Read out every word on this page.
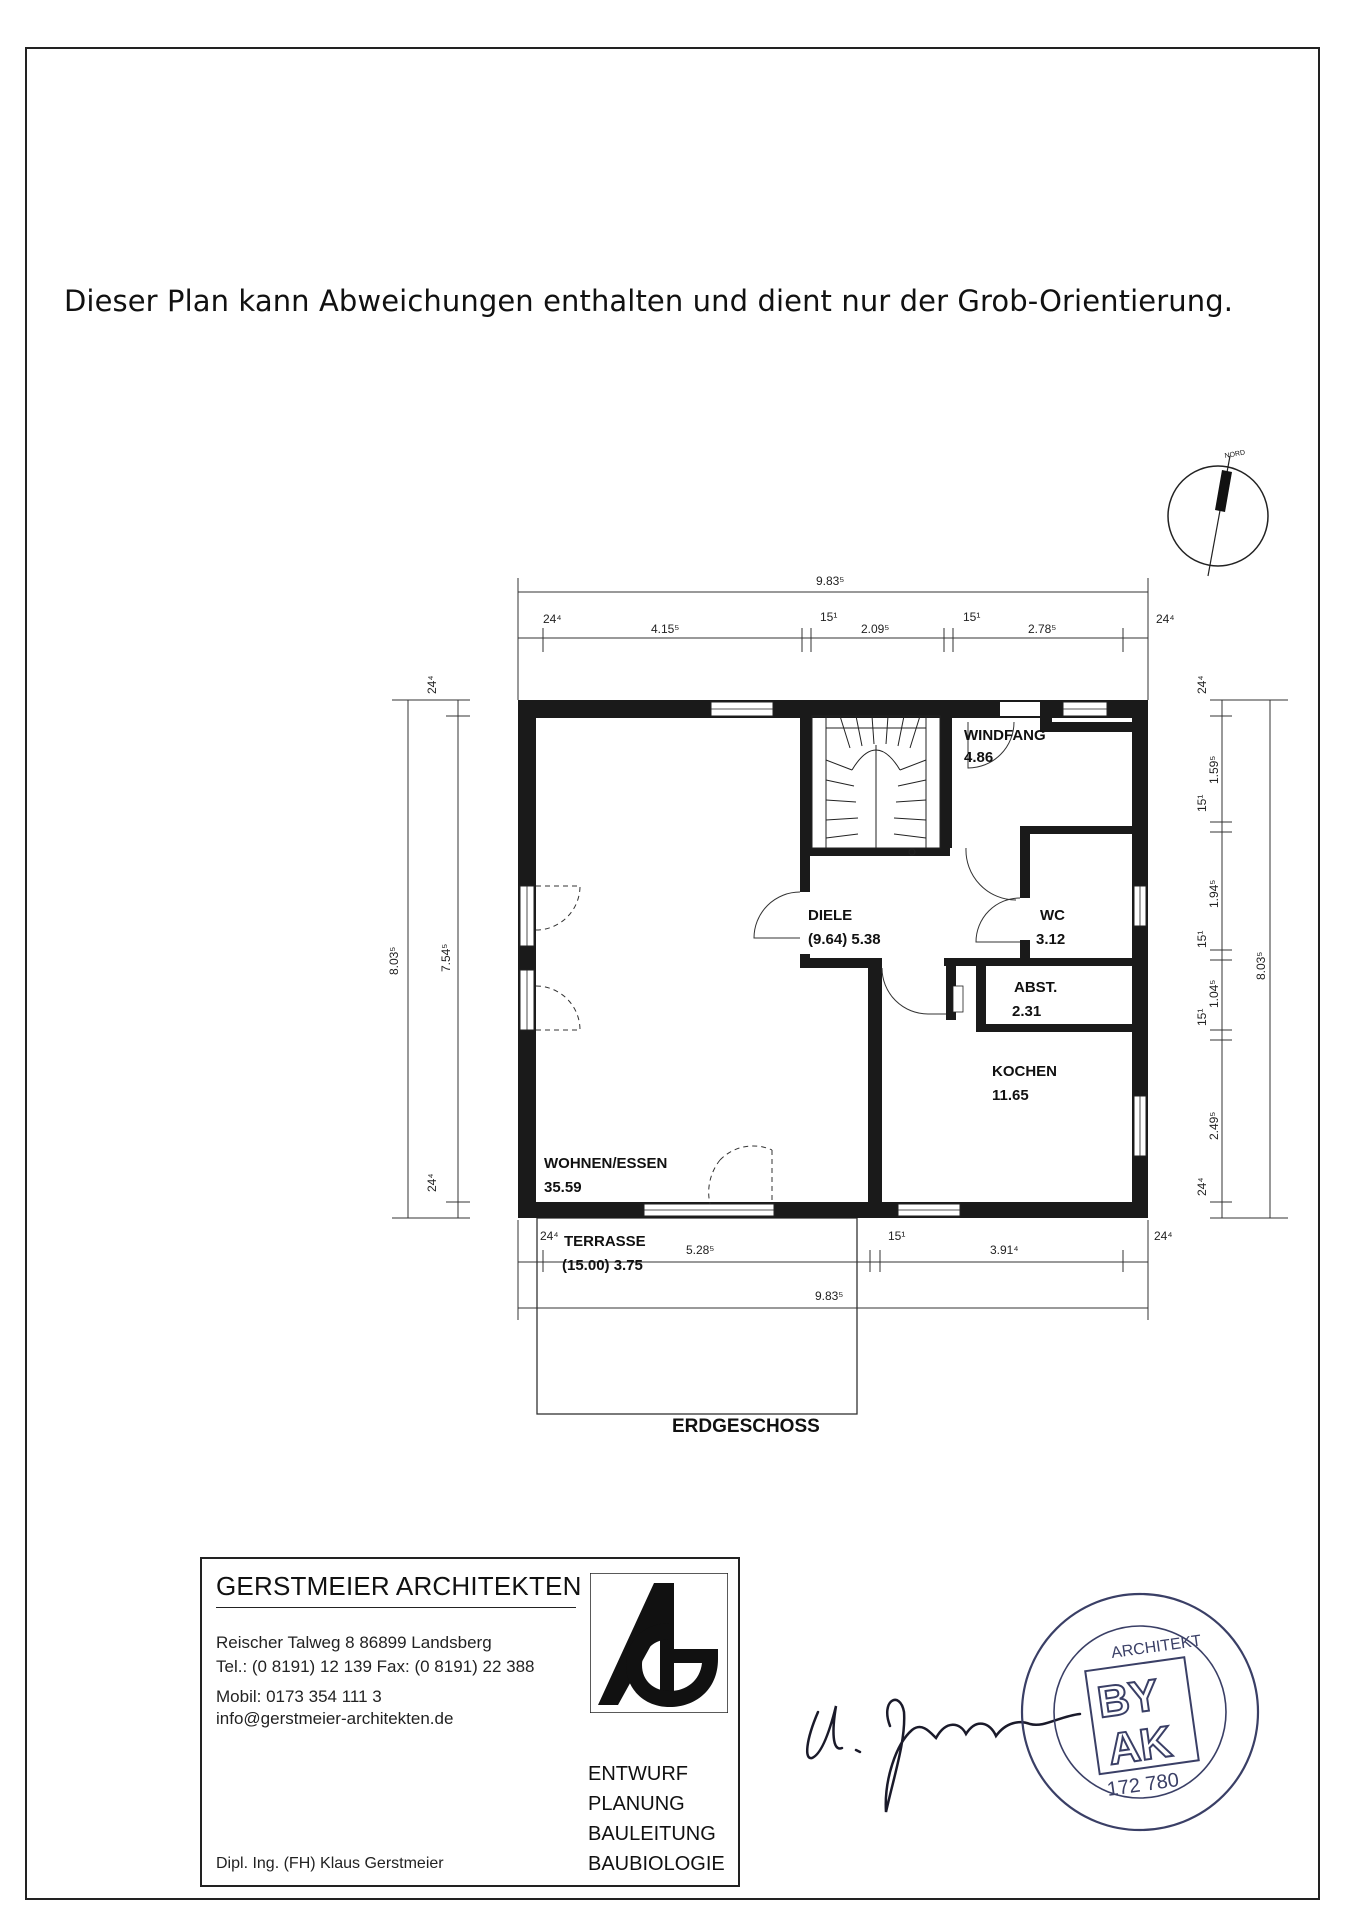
Dieser Plan kann Abweichungen enthalten und dient nur der Grob-Orientierung.
NORD
9.83⁵
24⁴
4.15⁵
15¹
2.09⁵
15¹
2.78⁵
24⁴
24⁴
5.28⁵
15¹
3.91⁴
24⁴
9.83⁵
8.03⁵	7.54⁵
24⁴
24⁴
24⁴
1.59⁵
15¹
1.94⁵
15¹
1.04⁵
15¹
2.49⁵
24⁴
8.03⁵
WINDFANG
4.86
DIELE
(9.64) 5.38
WC
3.12
ABST.
2.31
KOCHEN
11.65
WOHNEN/ESSEN
35.59
TERRASSE
(15.00) 3.75
ERDGESCHOSS
ARCHITEKT
BY
AK
172 780
GERSTMEIER ARCHITEKTEN
Reischer Talweg 8 86899 Landsberg
Tel.: (0 8191) 12 139 Fax: (0 8191) 22 388
Mobil: 0173 354 111 3
info@gerstmeier-architekten.de
ENTWURF
PLANUNG
BAULEITUNG
BAUBIOLOGIE
Dipl. Ing. (FH) Klaus Gerstmeier
